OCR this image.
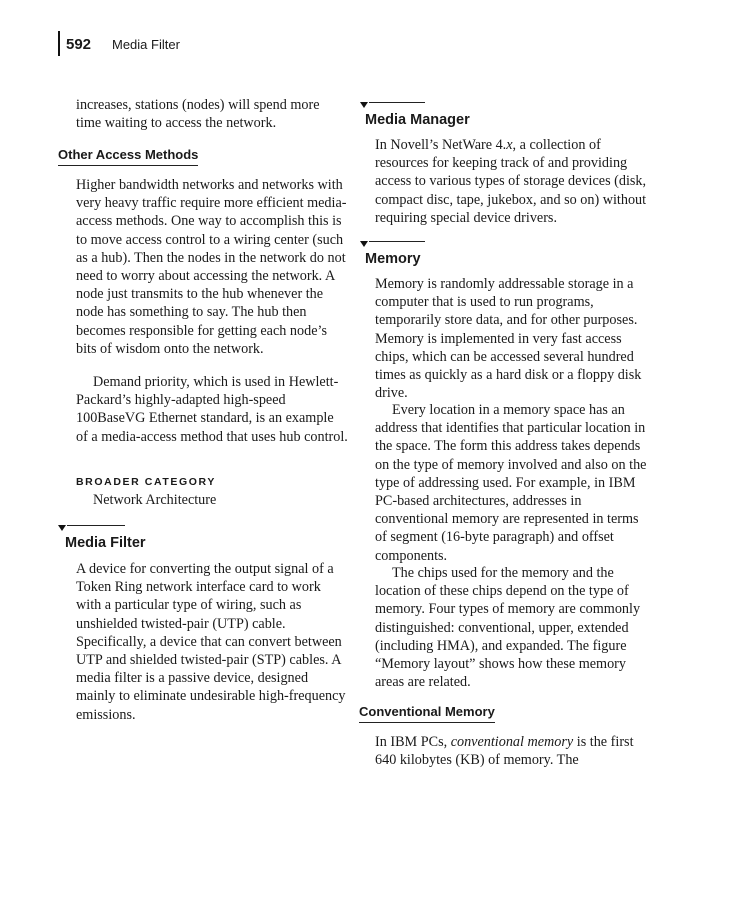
592 Media Filter

increases, stations (nodes) will spend more time waiting to access the network.

Other Access Methods

Higher bandwidth networks and networks with very heavy traffic require more efficient media-access methods. One way to accomplish this is to move access control to a wiring center (such as a hub). Then the nodes in the network do not need to worry about accessing the network. A node just transmits to the hub whenever the node has something to say. The hub then becomes responsible for getting each node’s bits of wisdom onto the network.

Demand priority, which is used in Hewlett-Packard’s highly-adapted high-speed 100BaseVG Ethernet standard, is an example of a media-access method that uses hub control.

BROADER CATEGORY
Network Architecture
Media Filter

A device for converting the output signal of a Token Ring network interface card to work with a particular type of wiring, such as unshielded twisted-pair (UTP) cable. Specifically, a device that can convert between UTP and shielded twisted-pair (STP) cables. A media filter is a passive device, designed mainly to eliminate undesirable high-frequency emissions.

Media Manager

In Novell’s NetWare 4.x, a collection of resources for keeping track of and providing access to various types of storage devices (disk, compact disc, tape, jukebox, and so on) without requiring special device drivers.

Memory

Memory is randomly addressable storage in a computer that is used to run programs, temporarily store data, and for other purposes. Memory is implemented in very fast access chips, which can be accessed several hundred times as quickly as a hard disk or a floppy disk drive.

Every location in a memory space has an address that identifies that particular location in the space. The form this address takes depends on the type of memory involved and also on the type of addressing used. For example, in IBM PC-based architectures, addresses in conventional memory are represented in terms of segment (16-byte paragraph) and offset components.

The chips used for the memory and the location of these chips depend on the type of memory. Four types of memory are commonly distinguished: conventional, upper, extended (including HMA), and expanded. The figure “Memory layout” shows how these memory areas are related.

Conventional Memory

In IBM PCs, conventional memory is the first 640 kilobytes (KB) of memory. The
